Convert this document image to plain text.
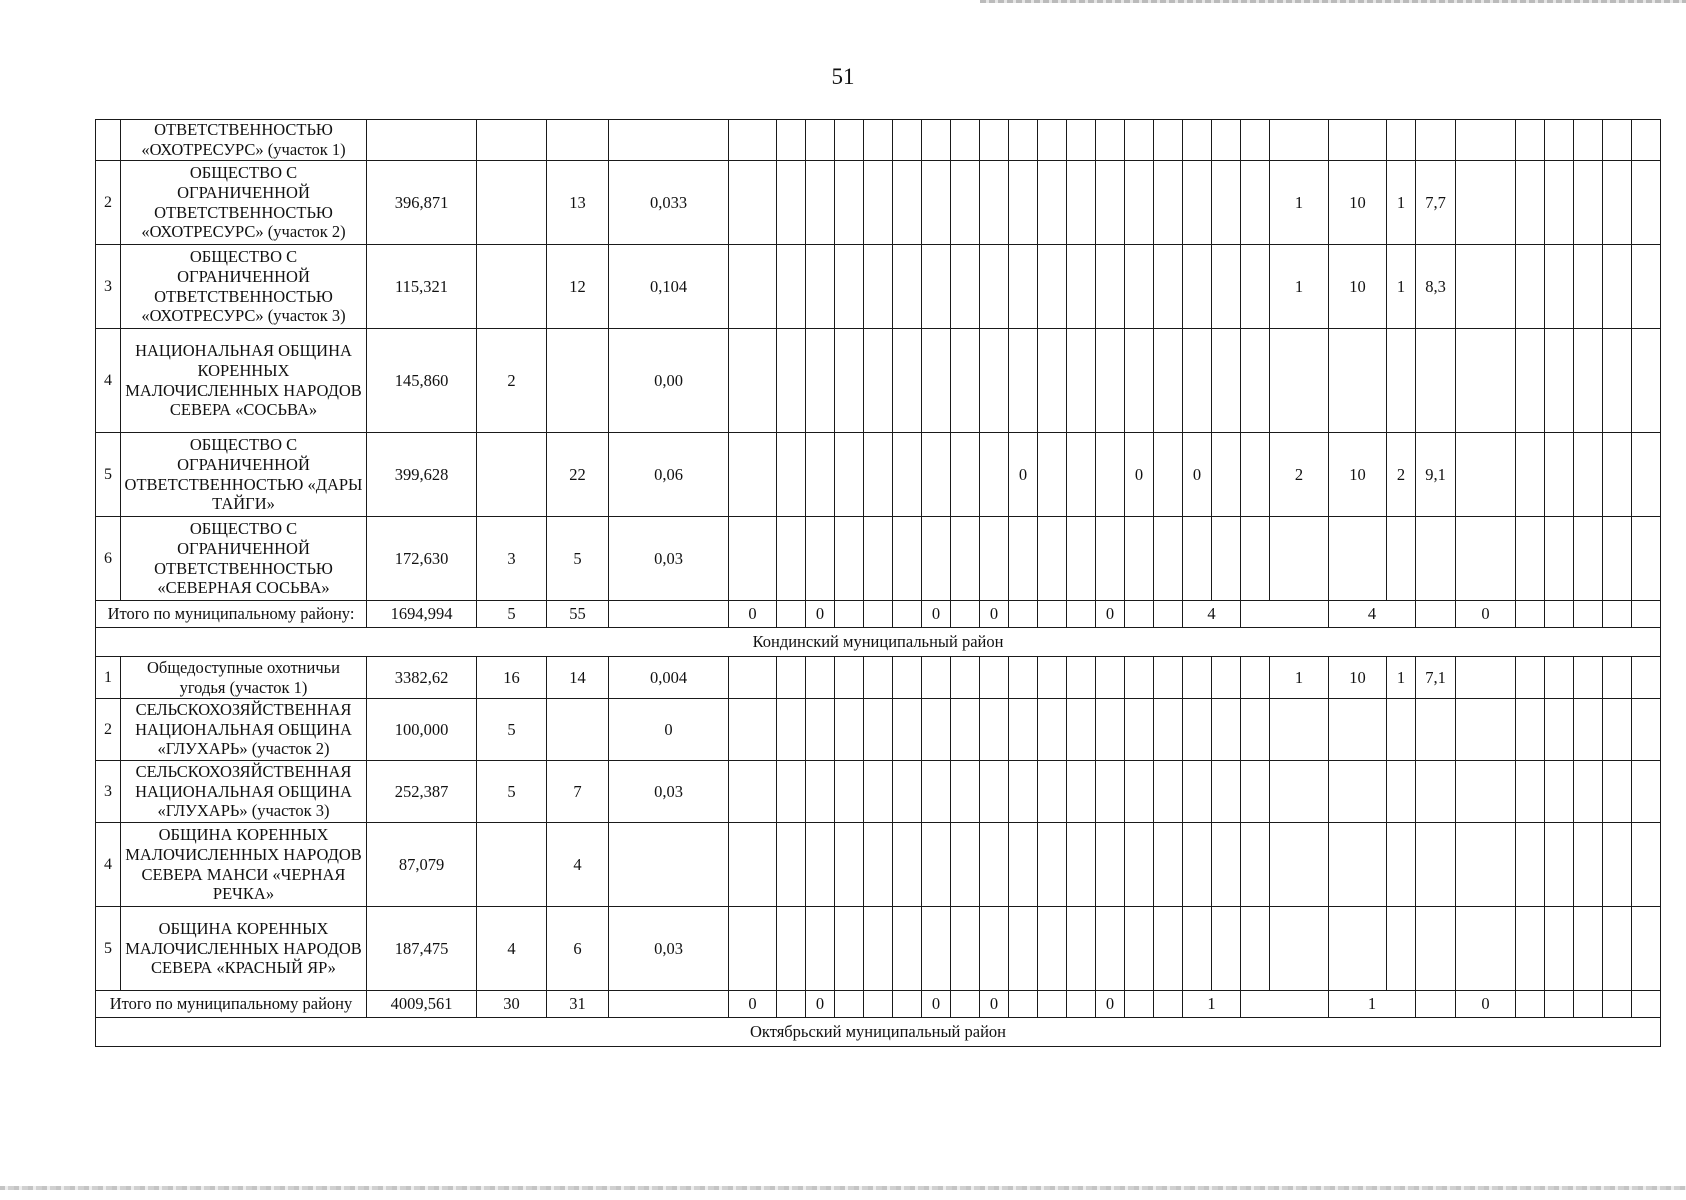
51
	ОТВЕТСТВЕННОСТЬЮ «ОХОТРЕСУРС» (участок 1)																																
2	ОБЩЕСТВО С ОГРАНИЧЕННОЙ ОТВЕТСТВЕННОСТЬЮ «ОХОТРЕСУРС» (участок 2)	396,871		13	0,033																			1	10	1	7,7						
3	ОБЩЕСТВО С ОГРАНИЧЕННОЙ ОТВЕТСТВЕННОСТЬЮ «ОХОТРЕСУРС» (участок 3)	115,321		12	0,104																			1	10	1	8,3						
4	НАЦИОНАЛЬНАЯ ОБЩИНА КОРЕННЫХ МАЛОЧИСЛЕННЫХ НАРОДОВ СЕВЕРА «СОСЬВА»	145,860	2		0,00																												
5	ОБЩЕСТВО С ОГРАНИЧЕННОЙ ОТВЕТСТВЕННОСТЬЮ «ДАРЫ ТАЙГИ»	399,628		22	0,06										0				0		0			2	10	2	9,1						
6	ОБЩЕСТВО С ОГРАНИЧЕННОЙ ОТВЕТСТВЕННОСТЬЮ «СЕВЕРНАЯ СОСЬВА»	172,630	3	5	0,03																												
Итого по муниципальному району:		1694,994	5	55		0		0				0		0				0			4				4			0					
Кондинский муниципальный район																																	
1	Общедоступные охотничьи угодья (участок 1)	3382,62	16	14	0,004																			1	10	1	7,1						
2	СЕЛЬСКОХОЗЯЙСТВЕННАЯ НАЦИОНАЛЬНАЯ ОБЩИНА «ГЛУХАРЬ» (участок 2)	100,000	5		0																												
3	СЕЛЬСКОХОЗЯЙСТВЕННАЯ НАЦИОНАЛЬНАЯ ОБЩИНА «ГЛУХАРЬ» (участок 3)	252,387	5	7	0,03																												
4	ОБЩИНА КОРЕННЫХ МАЛОЧИСЛЕННЫХ НАРОДОВ СЕВЕРА МАНСИ «ЧЕРНАЯ РЕЧКА»	87,079		4																													
5	ОБЩИНА КОРЕННЫХ МАЛОЧИСЛЕННЫХ НАРОДОВ СЕВЕРА «КРАСНЫЙ ЯР»	187,475	4	6	0,03																												
Итого по муниципальному району		4009,561	30	31		0		0				0		0				0			1				1			0					
Октябрьский муниципальный район																																	
